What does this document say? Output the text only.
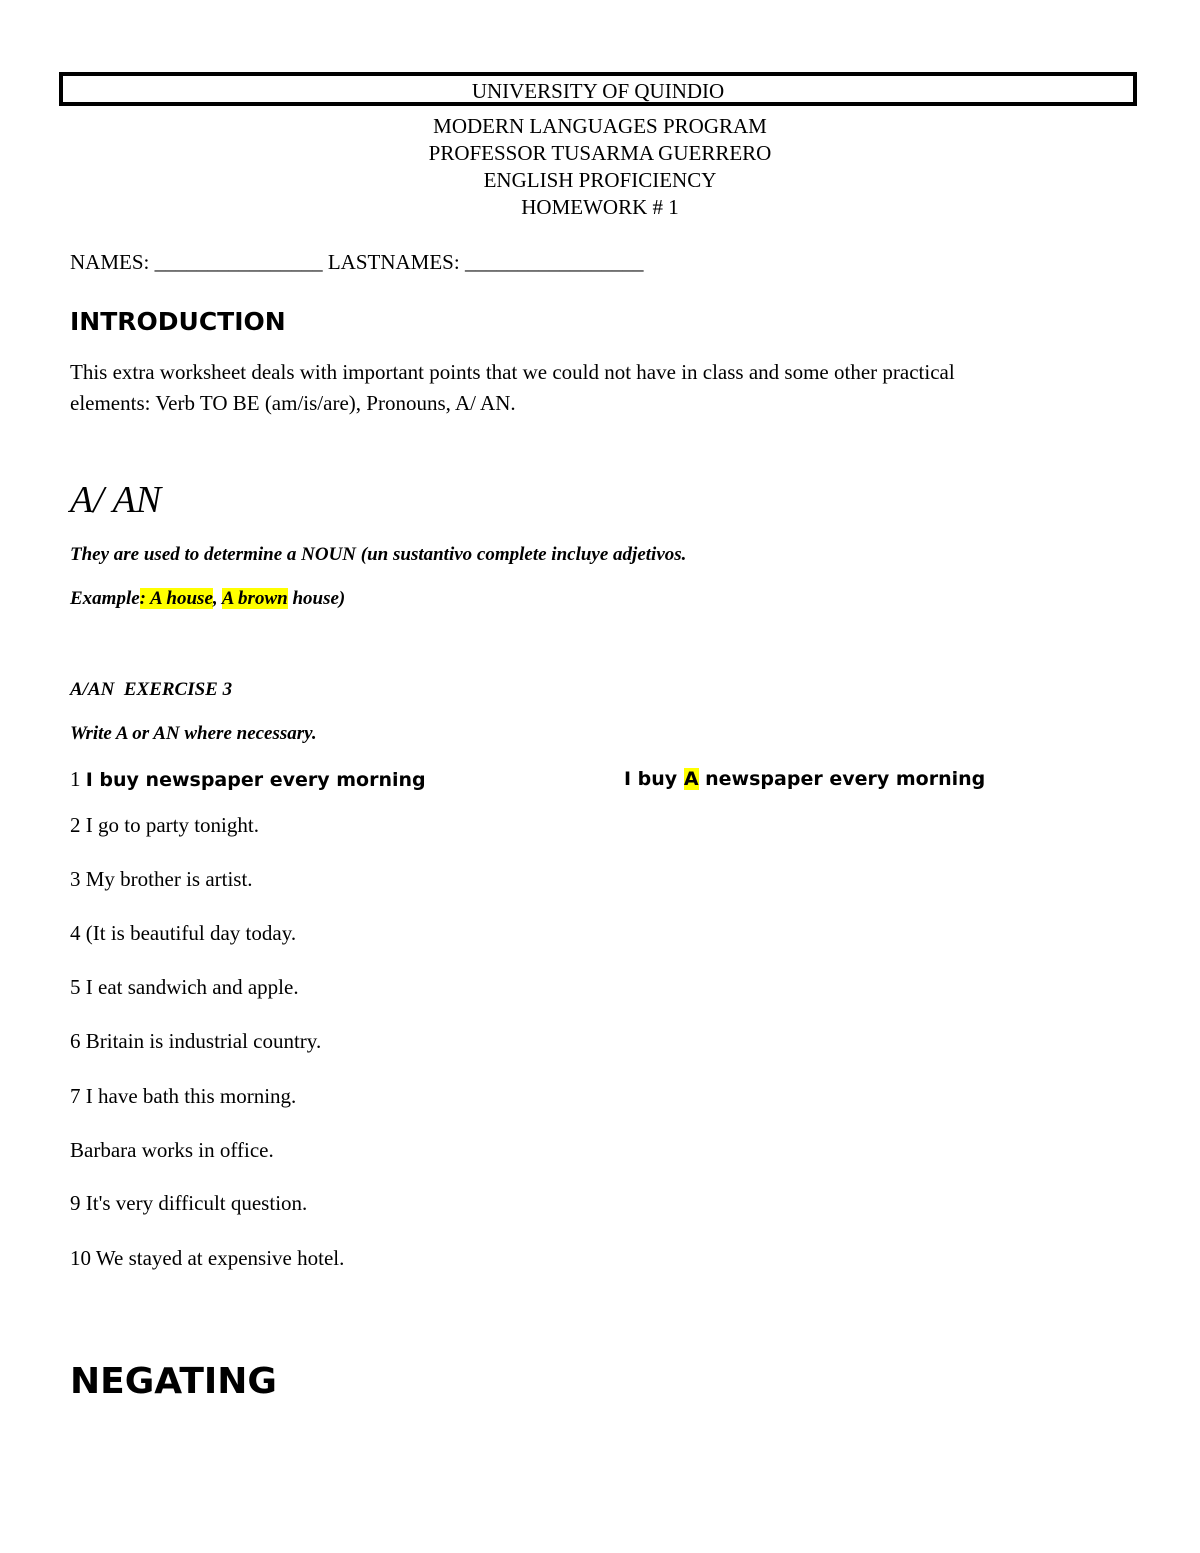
UNIVERSITY OF QUINDIO
MODERN LANGUAGES PROGRAM
PROFESSOR TUSARMA GUERRERO
ENGLISH PROFICIENCY
HOMEWORK # 1
NAMES: ________________ LASTNAMES: _________________
INTRODUCTION
This extra worksheet deals with important points that we could not have in class and some other practical
elements: Verb TO BE (am/is/are), Pronouns, A/ AN.
A/ AN
They are used to determine a NOUN (un sustantivo complete incluye adjetivos.
Example: A house, A brown house)
A/AN  EXERCISE 3
Write A or AN where necessary.
1 I buy newspaper every morning	I buy A newspaper every morning
2 I go to party tonight.
3 My brother is artist.
4 (It is beautiful day today.
5 I eat sandwich and apple.
6 Britain is industrial country.
7 I have bath this morning.
Barbara works in office.
9 It's very difficult question.
10 We stayed at expensive hotel.
NEGATING
